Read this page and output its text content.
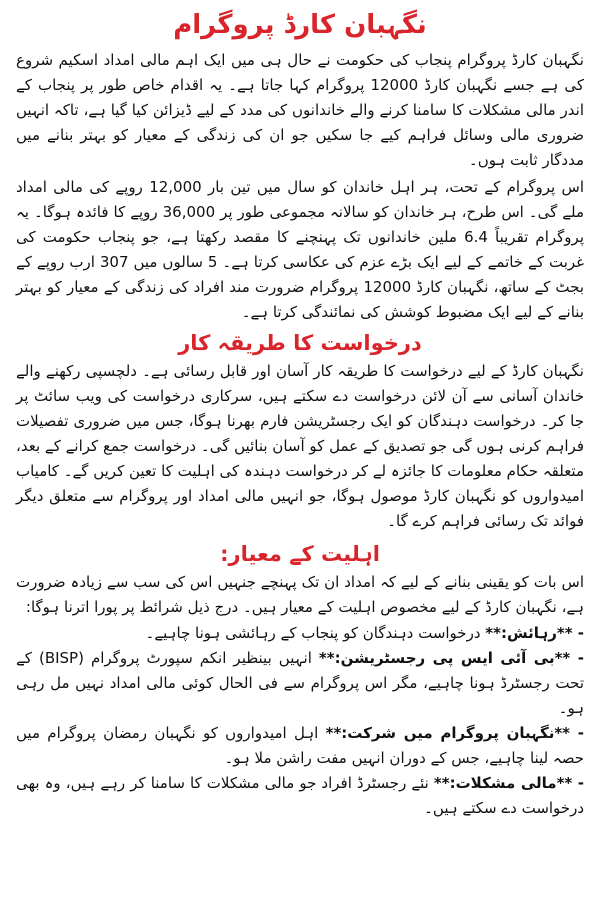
نگہبان کارڈ پروگرام

نگہبان کارڈ پروگرام پنجاب کی حکومت نے حال ہی میں ایک اہم مالی امداد اسکیم شروع کی ہے جسے نگہبان کارڈ 12000 پروگرام کہا جاتا ہے۔ یہ اقدام خاص طور پر پنجاب کے اندر مالی مشکلات کا سامنا کرنے والے خاندانوں کی مدد کے لیے ڈیزائن کیا گیا ہے، تاکہ انہیں ضروری مالی وسائل فراہم کیے جا سکیں جو ان کی زندگی کے معیار کو بہتر بنانے میں مددگار ثابت ہوں۔

اس پروگرام کے تحت، ہر اہل خاندان کو سال میں تین بار 12,000 روپے کی مالی امداد ملے گی۔ اس طرح، ہر خاندان کو سالانہ مجموعی طور پر 36,000 روپے کا فائدہ ہوگا۔ یہ پروگرام تقریباً 6.4 ملین خاندانوں تک پہنچنے کا مقصد رکھتا ہے، جو پنجاب حکومت کی غربت کے خاتمے کے لیے ایک بڑے عزم کی عکاسی کرتا ہے۔ 5 سالوں میں 307 ارب روپے کے بجٹ کے ساتھ، نگہبان کارڈ 12000 پروگرام ضرورت مند افراد کی زندگی کے معیار کو بہتر بنانے کے لیے ایک مضبوط کوشش کی نمائندگی کرتا ہے۔

درخواست کا طریقہ کار

نگہبان کارڈ کے لیے درخواست کا طریقہ کار آسان اور قابل رسائی ہے۔ دلچسپی رکھنے والے خاندان آسانی سے آن لائن درخواست دے سکتے ہیں، سرکاری درخواست کی ویب سائٹ پر جا کر۔ درخواست دہندگان کو ایک رجسٹریشن فارم بھرنا ہوگا، جس میں ضروری تفصیلات فراہم کرنی ہوں گی جو تصدیق کے عمل کو آسان بنائیں گی۔ درخواست جمع کرانے کے بعد، متعلقہ حکام معلومات کا جائزہ لے کر درخواست دہندہ کی اہلیت کا تعین کریں گے۔ کامیاب امیدواروں کو نگہبان کارڈ موصول ہوگا، جو انہیں مالی امداد اور پروگرام سے متعلق دیگر فوائد تک رسائی فراہم کرے گا۔

اہلیت کے معیار:

اس بات کو یقینی بنانے کے لیے کہ امداد ان تک پہنچے جنہیں اس کی سب سے زیادہ ضرورت ہے، نگہبان کارڈ کے لیے مخصوص اہلیت کے معیار ہیں۔ درج ذیل شرائط پر پورا اترنا ہوگا:

- **رہائش:** درخواست دہندگان کو پنجاب کے رہائشی ہونا چاہیے۔
- **بی آئی ایس پی رجسٹریشن:** انہیں بینظیر انکم سپورٹ پروگرام (BISP) کے تحت رجسٹرڈ ہونا چاہیے، مگر اس پروگرام سے فی الحال کوئی مالی امداد نہیں مل رہی ہو۔
- **نگہبان پروگرام میں شرکت:** اہل امیدواروں کو نگہبان رمضان پروگرام میں حصہ لینا چاہیے، جس کے دوران انہیں مفت راشن ملا ہو۔
- **مالی مشکلات:** نئے رجسٹرڈ افراد جو مالی مشکلات کا سامنا کر رہے ہیں، وہ بھی درخواست دے سکتے ہیں۔
